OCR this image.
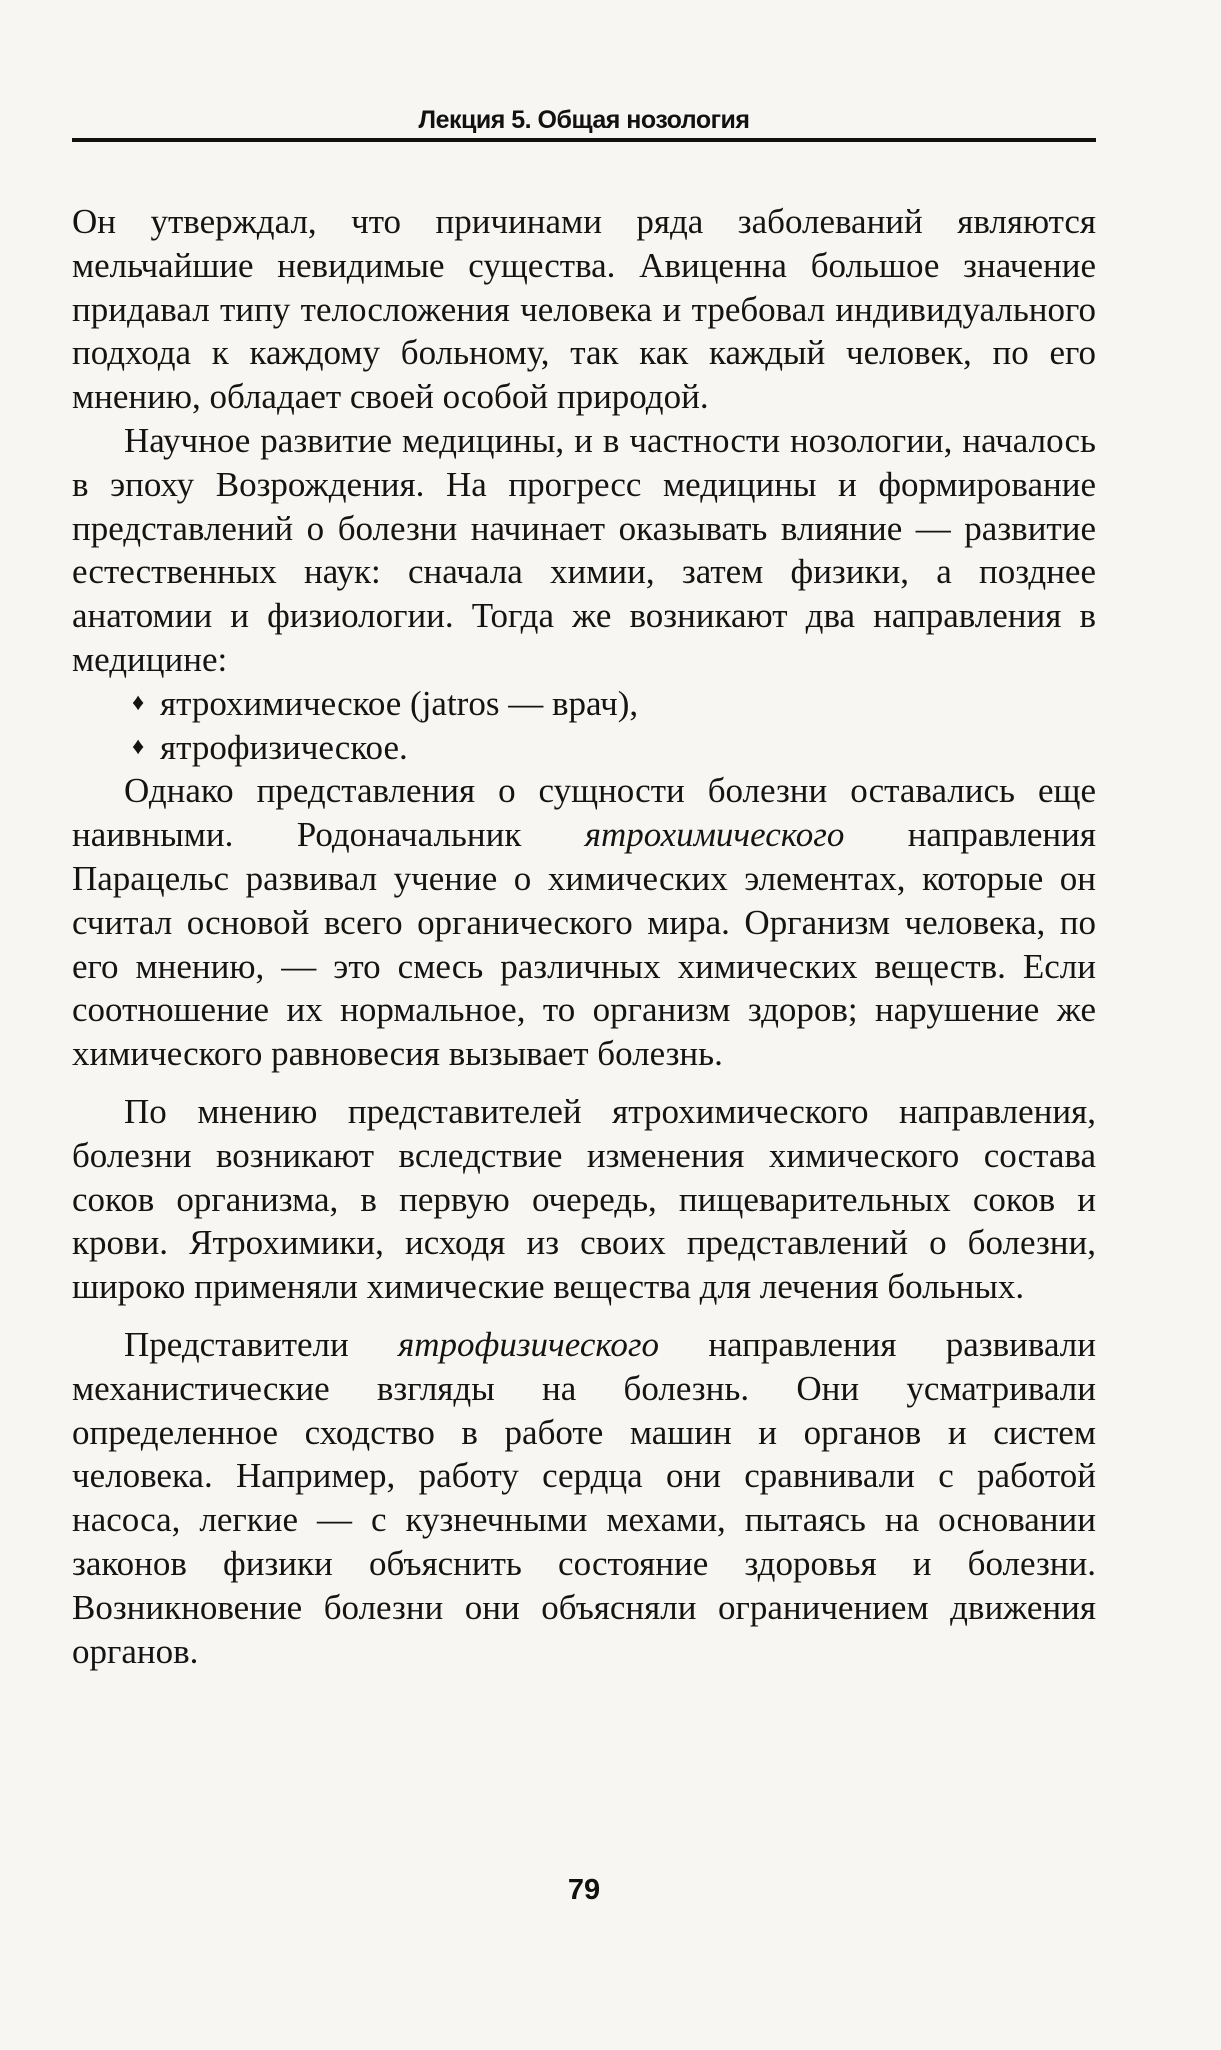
Лекция 5. Общая нозология

Он утверждал, что причинами ряда заболеваний являются мельчайшие невидимые существа. Авиценна большое значение придавал типу телосложения человека и требовал индивидуального подхода к каждому больному, так как каждый человек, по его мнению, обладает своей особой природой.

Научное развитие медицины, и в частности нозологии, началось в эпоху Возрождения. На прогресс медицины и формирование представлений о болезни начинает оказывать влияние — развитие естественных наук: сначала химии, затем физики, а позднее анатомии и физиологии. Тогда же возникают два направления в медицине:

♦ ятрохимическое (jatros — врач),
♦ ятрофизическое.

Однако представления о сущности болезни оставались еще наивными. Родоначальник ятрохимического направления Парацельс развивал учение о химических элементах, которые он считал основой всего органического мира. Организм человека, по его мнению, — это смесь различных химических веществ. Если соотношение их нормальное, то организм здоров; нарушение же химического равновесия вызывает болезнь.

По мнению представителей ятрохимического направления, болезни возникают вследствие изменения химического состава соков организма, в первую очередь, пищеварительных соков и крови. Ятрохимики, исходя из своих представлений о болезни, широко применяли химические вещества для лечения больных.

Представители ятрофизического направления развивали механистические взгляды на болезнь. Они усматривали определенное сходство в работе машин и органов и систем человека. Например, работу сердца они сравнивали с работой насоса, легкие — с кузнечными мехами, пытаясь на основании законов физики объяснить состояние здоровья и болезни. Возникновение болезни они объясняли ограничением движения органов.

79
